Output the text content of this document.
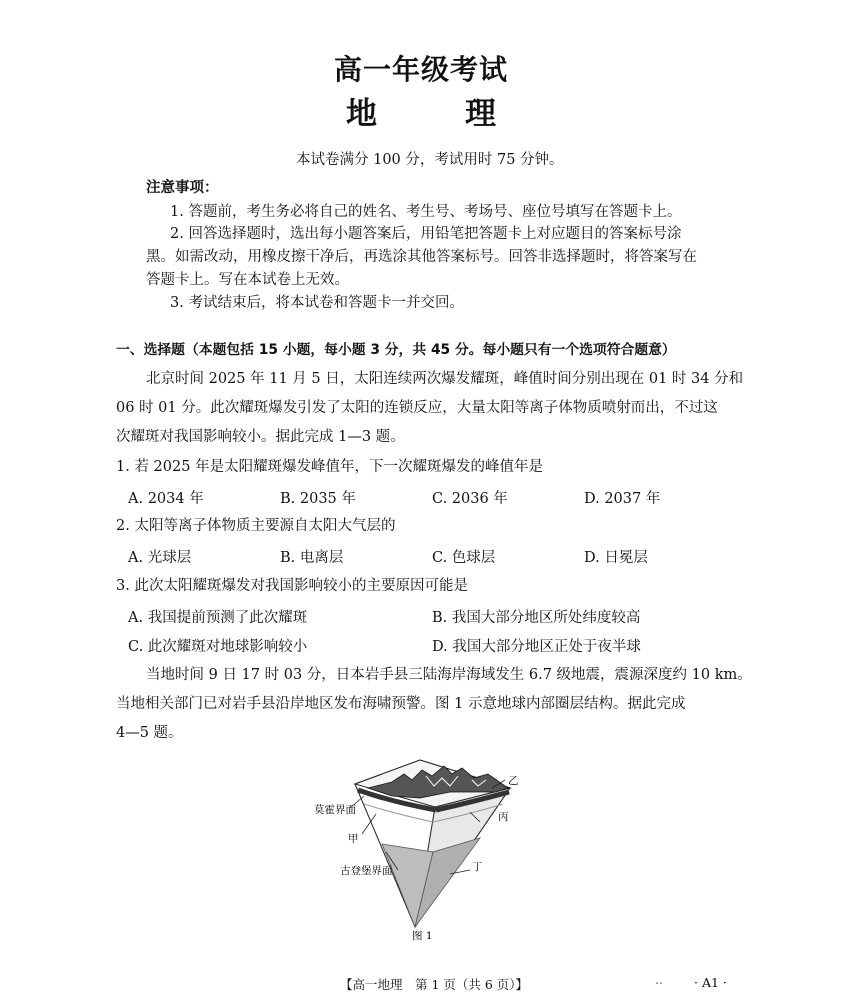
高一年级考试
地	理
本试卷满分 100 分，考试用时 75 分钟。
注意事项：
1. 答题前，考生务必将自己的姓名、考生号、考场号、座位号填写在答题卡上。
2. 回答选择题时，选出每小题答案后，用铅笔把答题卡上对应题目的答案标号涂
黑。如需改动，用橡皮擦干净后，再选涂其他答案标号。回答非选择题时，将答案写在
答题卡上。写在本试卷上无效。
3. 考试结束后，将本试卷和答题卡一并交回。
一、选择题（本题包括 15 小题，每小题 3 分，共 45 分。每小题只有一个选项符合题意）
北京时间 2025 年 11 月 5 日，太阳连续两次爆发耀斑，峰值时间分别出现在 01 时 34 分和
06 时 01 分。此次耀斑爆发引发了太阳的连锁反应，大量太阳等离子体物质喷射而出，不过这
次耀斑对我国影响较小。据此完成 1—3 题。
1. 若 2025 年是太阳耀斑爆发峰值年，下一次耀斑爆发的峰值年是
A. 2034 年	B. 2035 年	C. 2036 年	D. 2037 年
2. 太阳等离子体物质主要源自太阳大气层的
A. 光球层	B. 电离层	C. 色球层	D. 日冕层
3. 此次太阳耀斑爆发对我国影响较小的主要原因可能是
A. 我国提前预测了此次耀斑	B. 我国大部分地区所处纬度较高
C. 此次耀斑对地球影响较小	D. 我国大部分地区正处于夜半球
当地时间 9 日 17 时 03 分，日本岩手县三陆海岸海域发生 6.7 级地震，震源深度约 10 km。
当地相关部门已对岩手县沿岸地区发布海啸预警。图 1 示意地球内部圈层结构。据此完成
4—5 题。
莫霍界面
甲
古登堡界面
乙
丙
丁
图 1
【高一地理　第 1 页（共 6 页）】	.. · A1 ·
